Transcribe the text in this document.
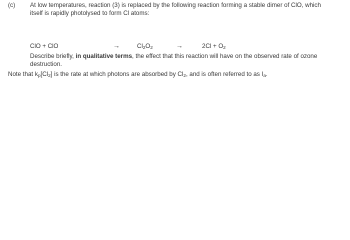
(c) At low temperatures, reaction (3) is replaced by the following reaction forming a stable dimer of ClO, which itself is rapidly photolysed to form Cl atoms:

ClO + ClO	→	$Cl_2O_2$	→	$2Cl + O_2$

Describe briefly, in qualitative terms, the effect that this reaction will have on the observed rate of ozone destruction.

Note that $k_p[Cl_2]$ is the rate at which photons are absorbed by $Cl_2$, and is often referred to as $I_a$.
